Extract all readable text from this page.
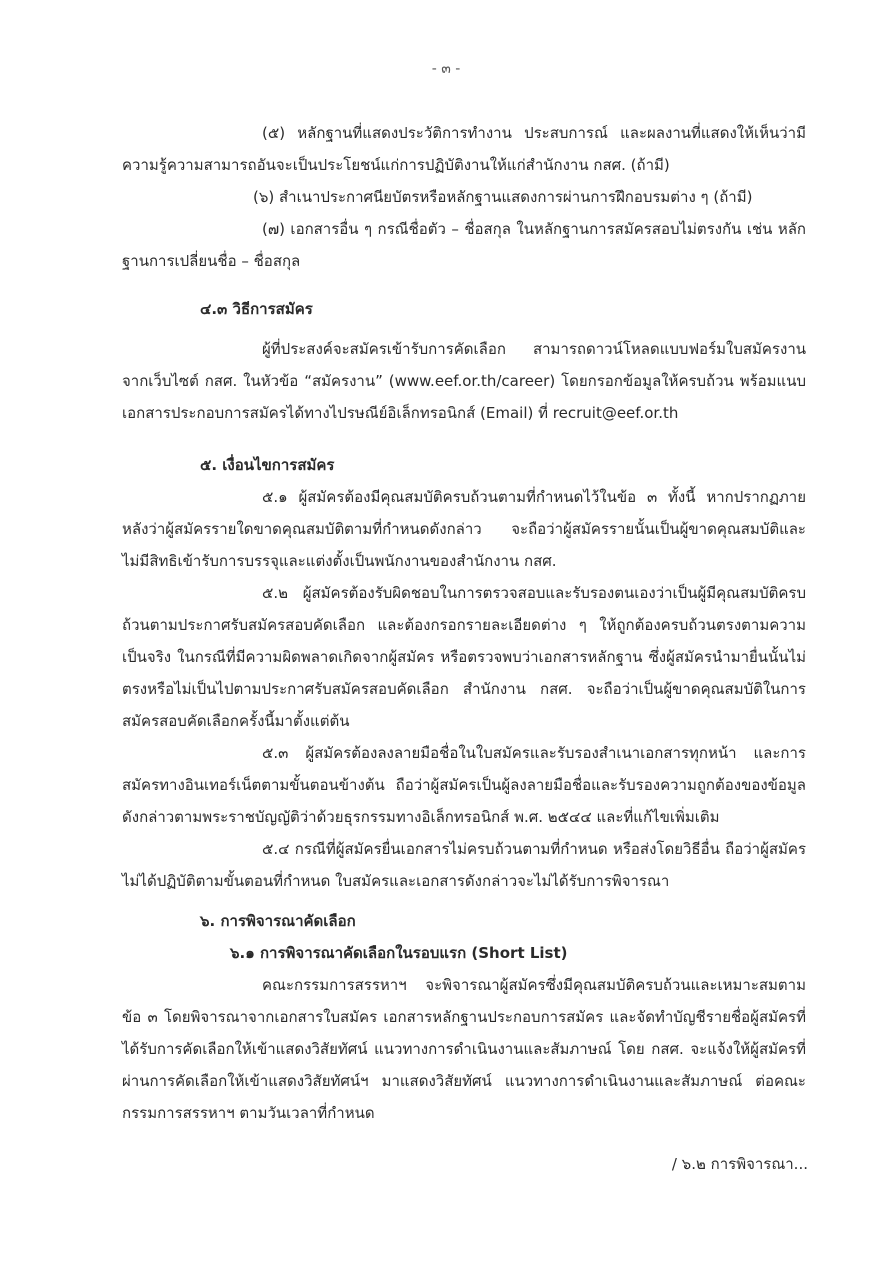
- ๓ -

(๕) หลักฐานที่แสดงประวัติการทำงาน ประสบการณ์ และผลงานที่แสดงให้เห็นว่ามีความรู้ความสามารถอันจะเป็นประโยชน์แก่การปฏิบัติงานให้แก่สำนักงาน กสศ. (ถ้ามี)

(๖) สำเนาประกาศนียบัตรหรือหลักฐานแสดงการผ่านการฝึกอบรมต่าง ๆ (ถ้ามี)

(๗) เอกสารอื่น ๆ กรณีชื่อตัว – ชื่อสกุล ในหลักฐานการสมัครสอบไม่ตรงกัน เช่น หลักฐานการเปลี่ยนชื่อ – ชื่อสกุล

๔.๓ วิธีการสมัคร

ผู้ที่ประสงค์จะสมัครเข้ารับการคัดเลือก สามารถดาวน์โหลดแบบฟอร์มใบสมัครงานจากเว็บไซต์ กสศ. ในหัวข้อ “สมัครงาน” (www.eef.or.th/career) โดยกรอกข้อมูลให้ครบถ้วน พร้อมแนบเอกสารประกอบการสมัครได้ทางไปรษณีย์อิเล็กทรอนิกส์ (Email) ที่ recruit@eef.or.th

๕. เงื่อนไขการสมัคร

๕.๑ ผู้สมัครต้องมีคุณสมบัติครบถ้วนตามที่กำหนดไว้ในข้อ ๓ ทั้งนี้ หากปรากฏภายหลังว่าผู้สมัครรายใดขาดคุณสมบัติตามที่กำหนดดังกล่าว จะถือว่าผู้สมัครรายนั้นเป็นผู้ขาดคุณสมบัติและไม่มีสิทธิเข้ารับการบรรจุและแต่งตั้งเป็นพนักงานของสำนักงาน กสศ.

๕.๒ ผู้สมัครต้องรับผิดชอบในการตรวจสอบและรับรองตนเองว่าเป็นผู้มีคุณสมบัติครบถ้วนตามประกาศรับสมัครสอบคัดเลือก และต้องกรอกรายละเอียดต่าง ๆ ให้ถูกต้องครบถ้วนตรงตามความเป็นจริง ในกรณีที่มีความผิดพลาดเกิดจากผู้สมัคร หรือตรวจพบว่าเอกสารหลักฐาน ซึ่งผู้สมัครนำมายื่นนั้นไม่ตรงหรือไม่เป็นไปตามประกาศรับสมัครสอบคัดเลือก สำนักงาน กสศ. จะถือว่าเป็นผู้ขาดคุณสมบัติในการสมัครสอบคัดเลือกครั้งนี้มาตั้งแต่ต้น

๕.๓ ผู้สมัครต้องลงลายมือชื่อในใบสมัครและรับรองสำเนาเอกสารทุกหน้า และการสมัครทางอินเทอร์เน็ตตามขั้นตอนข้างต้น ถือว่าผู้สมัครเป็นผู้ลงลายมือชื่อและรับรองความถูกต้องของข้อมูลดังกล่าวตามพระราชบัญญัติว่าด้วยธุรกรรมทางอิเล็กทรอนิกส์ พ.ศ. ๒๕๔๔ และที่แก้ไขเพิ่มเติม

๕.๔ กรณีที่ผู้สมัครยื่นเอกสารไม่ครบถ้วนตามที่กำหนด หรือส่งโดยวิธีอื่น ถือว่าผู้สมัครไม่ได้ปฏิบัติตามขั้นตอนที่กำหนด ใบสมัครและเอกสารดังกล่าวจะไม่ได้รับการพิจารณา

๖. การพิจารณาคัดเลือก

๖.๑ การพิจารณาคัดเลือกในรอบแรก (Short List)

คณะกรรมการสรรหาฯ จะพิจารณาผู้สมัครซึ่งมีคุณสมบัติครบถ้วนและเหมาะสมตามข้อ ๓ โดยพิจารณาจากเอกสารใบสมัคร เอกสารหลักฐานประกอบการสมัคร และจัดทำบัญชีรายชื่อผู้สมัครที่ได้รับการคัดเลือกให้เข้าแสดงวิสัยทัศน์ แนวทางการดำเนินงานและสัมภาษณ์ โดย กสศ. จะแจ้งให้ผู้สมัครที่ผ่านการคัดเลือกให้เข้าแสดงวิสัยทัศน์ฯ มาแสดงวิสัยทัศน์ แนวทางการดำเนินงานและสัมภาษณ์ ต่อคณะกรรมการสรรหาฯ ตามวันเวลาที่กำหนด

/ ๖.๒ การพิจารณา...
